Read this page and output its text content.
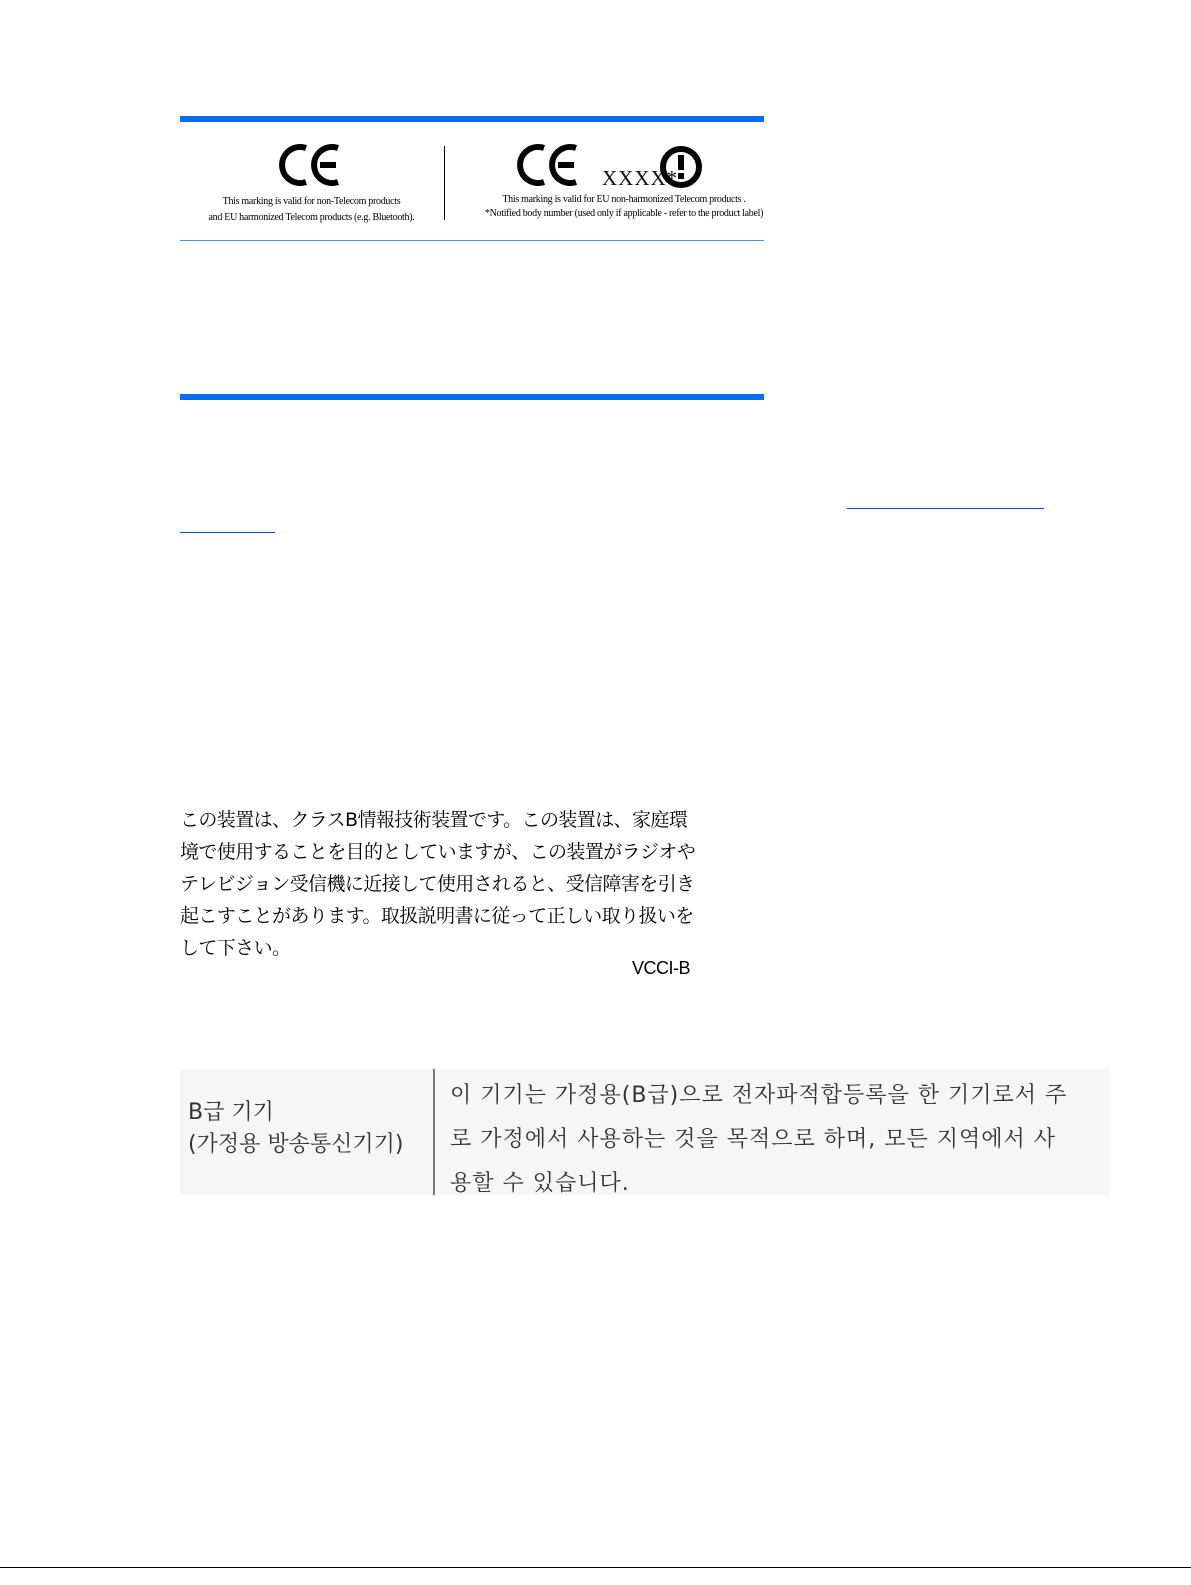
This marking is valid for non-Telecom products
and EU harmonized Telecom products (e.g. Bluetooth).
XXXX*
This marking is valid for EU non-harmonized Telecom products .
*Notified body number (used only if applicable - refer to the product label)

この装置は、クラスB情報技術装置です。この装置は、家庭環

境で使用することを目的としていますが、この装置がラジオや

テレビジョン受信機に近接して使用されると、受信障害を引き

起こすことがあります。取扱説明書に従って正しい取り扱いを

して下さい。

VCCI-B
B급 기기
(가정용 방송통신기기)
이 기기는 가정용(B급)으로 전자파적합등록을 한 기기로서 주
로 가정에서 사용하는 것을 목적으로 하며, 모든 지역에서 사
용할 수 있습니다.
